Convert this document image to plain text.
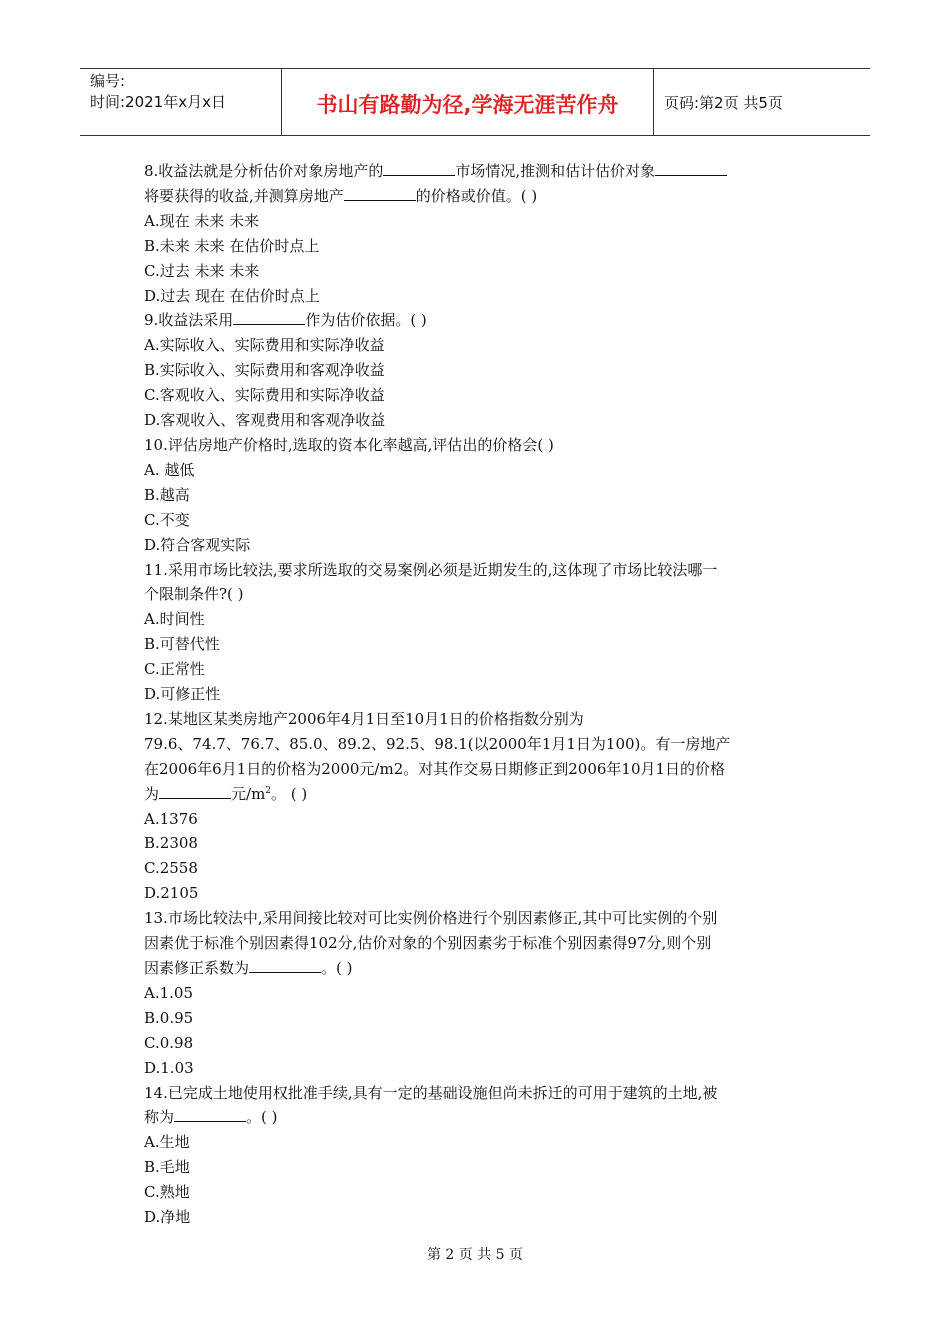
编号:
时间:2021年x月x日	书山有路勤为径,学海无涯苦作舟	页码:第2页 共5页
8.收益法就是分析估价对象房地产的	市场情况,推测和估计估价对象
将要获得的收益,并测算房地产	的价格或价值。( )
A.现在 未来 未来
B.未来 未来 在估价时点上
C.过去 未来 未来
D.过去 现在 在估价时点上
9.收益法采用	作为估价依据。( )
A.实际收入、实际费用和实际净收益
B.实际收入、实际费用和客观净收益
C.客观收入、实际费用和实际净收益
D.客观收入、客观费用和客观净收益
10.评估房地产价格时,选取的资本化率越高,评估出的价格会( )
A. 越低
B.越高
C.不变
D.符合客观实际
11.采用市场比较法,要求所选取的交易案例必须是近期发生的,这体现了市场比较法哪一
个限制条件?( )
A.时间性
B.可替代性
C.正常性
D.可修正性
12.某地区某类房地产2006年4月1日至10月1日的价格指数分别为
79.6、74.7、76.7、85.0、89.2、92.5、98.1(以2000年1月1日为100)。有一房地产
在2006年6月1日的价格为2000元/m2。对其作交易日期修正到2006年10月1日的价格
为	元$/m^2$。 ( )
A.1376
B.2308
C.2558
D.2105
13.市场比较法中,采用间接比较对可比实例价格进行个别因素修正,其中可比实例的个别
因素优于标准个别因素得102分,估价对象的个别因素劣于标准个别因素得97分,则个别
因素修正系数为	。( )
A.1.05
B.0.95
C.0.98
D.1.03
14.已完成土地使用权批准手续,具有一定的基础设施但尚未拆迁的可用于建筑的土地,被
称为	。( )
A.生地
B.毛地
C.熟地
D.净地
第 2 页 共 5 页
